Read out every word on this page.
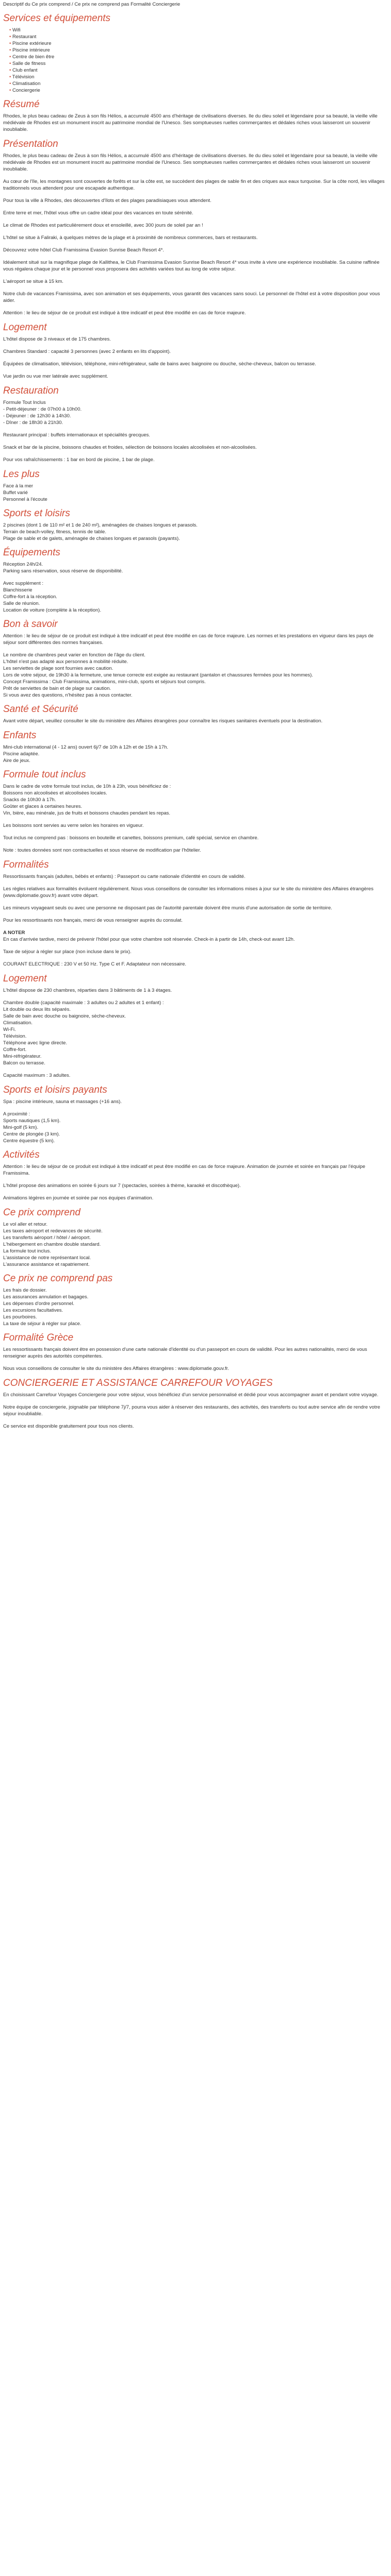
Descriptif du Ce prix comprend / Ce prix ne comprend pas Formalité Conciergerie
Services et équipements
• Wifi
• Restaurant
• Piscine extérieure
• Piscine intérieure
• Centre de bien être
• Salle de fitness
• Club enfant
• Télévision
• Climatisation
• Conciergerie
Résumé

Rhodes, le plus beau cadeau de Zeus à son fils Hélios, a accumulé 4500 ans d'héritage de civilisations diverses. Ile du dieu soleil et légendaire pour sa beauté, la vieille ville médiévale de Rhodes est un monument inscrit au patrimoine mondial de l'Unesco. Ses somptueuses ruelles commerçantes et dédales riches vous laisseront un souvenir inoubliable.

Présentation

Rhodes, le plus beau cadeau de Zeus à son fils Hélios, a accumulé 4500 ans d'héritage de civilisations diverses. Ile du dieu soleil et légendaire pour sa beauté, la vieille ville médiévale de Rhodes est un monument inscrit au patrimoine mondial de l'Unesco. Ses somptueuses ruelles commerçantes et dédales riches vous laisseront un souvenir inoubliable.

Au cœur de l'île, les montagnes sont couvertes de forêts et sur la côte est, se succèdent des plages de sable fin et des criques aux eaux turquoise. Sur la côte nord, les villages traditionnels vous attendent pour une escapade authentique.

Pour tous la ville à Rhodes, des découvertes d'îlots et des plages paradisiaques vous attendent.

Entre terre et mer, l'hôtel vous offre un cadre idéal pour des vacances en toute sérénité.

Le climat de Rhodes est particulièrement doux et ensoleillé, avec 300 jours de soleil par an !

L'hôtel se situe à Faliraki, à quelques mètres de la plage et à proximité de nombreux commerces, bars et restaurants.

Découvrez votre hôtel Club Framissima Evasion Sunrise Beach Resort 4*.

Idéalement situé sur la magnifique plage de Kallithea, le Club Framissima Evasion Sunrise Beach Resort 4* vous invite à vivre une expérience inoubliable. Sa cuisine raffinée vous régalera chaque jour et le personnel vous proposera des activités variées tout au long de votre séjour.

L'aéroport se situe à 15 km.

Notre club de vacances Framissima, avec son animation et ses équipements, vous garantit des vacances sans souci. Le personnel de l'hôtel est à votre disposition pour vous aider.

Attention : le lieu de séjour de ce produit est indiqué à titre indicatif et peut être modifié en cas de force majeure.

Logement

L'hôtel dispose de 3 niveaux et de 175 chambres.

Chambres Standard : capacité 3 personnes (avec 2 enfants en lits d'appoint).

Équipées de climatisation, télévision, téléphone, mini-réfrigérateur, salle de bains avec baignoire ou douche, sèche-cheveux, balcon ou terrasse.

Vue jardin ou vue mer latérale avec supplément.

Restauration
Formule Tout Inclus
- Petit-déjeuner : de 07h00 à 10h00.
- Déjeuner : de 12h30 à 14h30.
- Dîner : de 18h30 à 21h30.

Restaurant principal : buffets internationaux et spécialités grecques.

Snack et bar de la piscine, boissons chaudes et froides, sélection de boissons locales alcoolisées et non-alcoolisées.

Pour vos rafraîchissements : 1 bar en bord de piscine, 1 bar de plage.

Les plus
Face à la mer
Buffet varié
Personnel à l'écoute
Sports et loisirs
2 piscines (dont 1 de 110 m² et 1 de 240 m²), aménagées de chaises longues et parasols.
Terrain de beach-volley, fitness, tennis de table.
Plage de sable et de galets, aménagée de chaises longues et parasols (payants).
Équipements
Réception 24h/24.
Parking sans réservation, sous réserve de disponibilité.
Avec supplément :
Blanchisserie
Coffre-fort à la réception.
Salle de réunion.
Location de voiture (complète à la réception).
Bon à savoir

Attention : le lieu de séjour de ce produit est indiqué à titre indicatif et peut être modifié en cas de force majeure. Les normes et les prestations en vigueur dans les pays de séjour sont différentes des normes françaises.

Le nombre de chambres peut varier en fonction de l'âge du client.
L'hôtel n'est pas adapté aux personnes à mobilité réduite.
Les serviettes de plage sont fournies avec caution.
Lors de votre séjour, de 19h30 à la fermeture, une tenue correcte est exigée au restaurant (pantalon et chaussures fermées pour les hommes).
Concept Framissima : Club Framissima, animations, mini-club, sports et séjours tout compris.
Prêt de serviettes de bain et de plage sur caution.
Si vous avez des questions, n'hésitez pas à nous contacter.
Santé et Sécurité

Avant votre départ, veuillez consulter le site du ministère des Affaires étrangères pour connaître les risques sanitaires éventuels pour la destination.

Enfants
Mini-club international (4 - 12 ans) ouvert 6j/7 de 10h à 12h et de 15h à 17h.
Piscine adaptée.
Aire de jeux.
Formule tout inclus
Dans le cadre de votre formule tout inclus, de 10h à 23h, vous bénéficiez de :
Boissons non alcoolisées et alcoolisées locales.
Snacks de 10h30 à 17h.
Goûter et glaces à certaines heures.
Vin, bière, eau minérale, jus de fruits et boissons chaudes pendant les repas.

Les boissons sont servies au verre selon les horaires en vigueur.

Tout inclus ne comprend pas : boissons en bouteille et canettes, boissons premium, café spécial, service en chambre.

Note : toutes données sont non contractuelles et sous réserve de modification par l'hôtelier.

Formalités

Ressortissants français (adultes, bébés et enfants) : Passeport ou carte nationale d'identité en cours de validité.

Les règles relatives aux formalités évoluent régulièrement. Nous vous conseillons de consulter les informations mises à jour sur le site du ministère des Affaires étrangères (www.diplomatie.gouv.fr) avant votre départ.

Les mineurs voyageant seuls ou avec une personne ne disposant pas de l'autorité parentale doivent être munis d'une autorisation de sortie de territoire.

Pour les ressortissants non français, merci de vous renseigner auprès du consulat.

A NOTER

En cas d'arrivée tardive, merci de prévenir l'hôtel pour que votre chambre soit réservée. Check-in à partir de 14h, check-out avant 12h.

Taxe de séjour à régler sur place (non incluse dans le prix).

COURANT ELECTRIQUE : 230 V et 50 Hz. Type C et F. Adaptateur non nécessaire.

Logement

L'hôtel dispose de 230 chambres, réparties dans 3 bâtiments de 1 à 3 étages.

Chambre double (capacité maximale : 3 adultes ou 2 adultes et 1 enfant) :
Lit double ou deux lits séparés.
Salle de bain avec douche ou baignoire, sèche-cheveux.
Climatisation.
Wi-Fi.
Télévision.
Téléphone avec ligne directe.
Coffre-fort.
Mini-réfrigérateur.
Balcon ou terrasse.

Capacité maximum : 3 adultes.

Sports et loisirs payants

Spa : piscine intérieure, sauna et massages (+16 ans).

A proximité :
Sports nautiques (1,5 km).
Mini-golf (5 km).
Centre de plongée (3 km).
Centre équestre (5 km).
Activités

Attention : le lieu de séjour de ce produit est indiqué à titre indicatif et peut être modifié en cas de force majeure. Animation de journée et soirée en français par l'équipe Framissima.

L'hôtel propose des animations en soirée 6 jours sur 7 (spectacles, soirées à thème, karaoké et discothèque).

Animations légères en journée et soirée par nos équipes d'animation.

Ce prix comprend
Le vol aller et retour.
Les taxes aéroport et redevances de sécurité.
Les transferts aéroport / hôtel / aéroport.
L'hébergement en chambre double standard.
La formule tout inclus.
L'assistance de notre représentant local.
L'assurance assistance et rapatriement.
Ce prix ne comprend pas
Les frais de dossier.
Les assurances annulation et bagages.
Les dépenses d'ordre personnel.
Les excursions facultatives.
Les pourboires.
La taxe de séjour à régler sur place.
Formalité Grèce

Les ressortissants français doivent être en possession d'une carte nationale d'identité ou d'un passeport en cours de validité. Pour les autres nationalités, merci de vous renseigner auprès des autorités compétentes.

Nous vous conseillons de consulter le site du ministère des Affaires étrangères : www.diplomatie.gouv.fr.

CONCIERGERIE ET ASSISTANCE CARREFOUR VOYAGES

En choisissant Carrefour Voyages Conciergerie pour votre séjour, vous bénéficiez d'un service personnalisé et dédié pour vous accompagner avant et pendant votre voyage.

Notre équipe de conciergerie, joignable par téléphone 7j/7, pourra vous aider à réserver des restaurants, des activités, des transferts ou tout autre service afin de rendre votre séjour inoubliable.

Ce service est disponible gratuitement pour tous nos clients.
